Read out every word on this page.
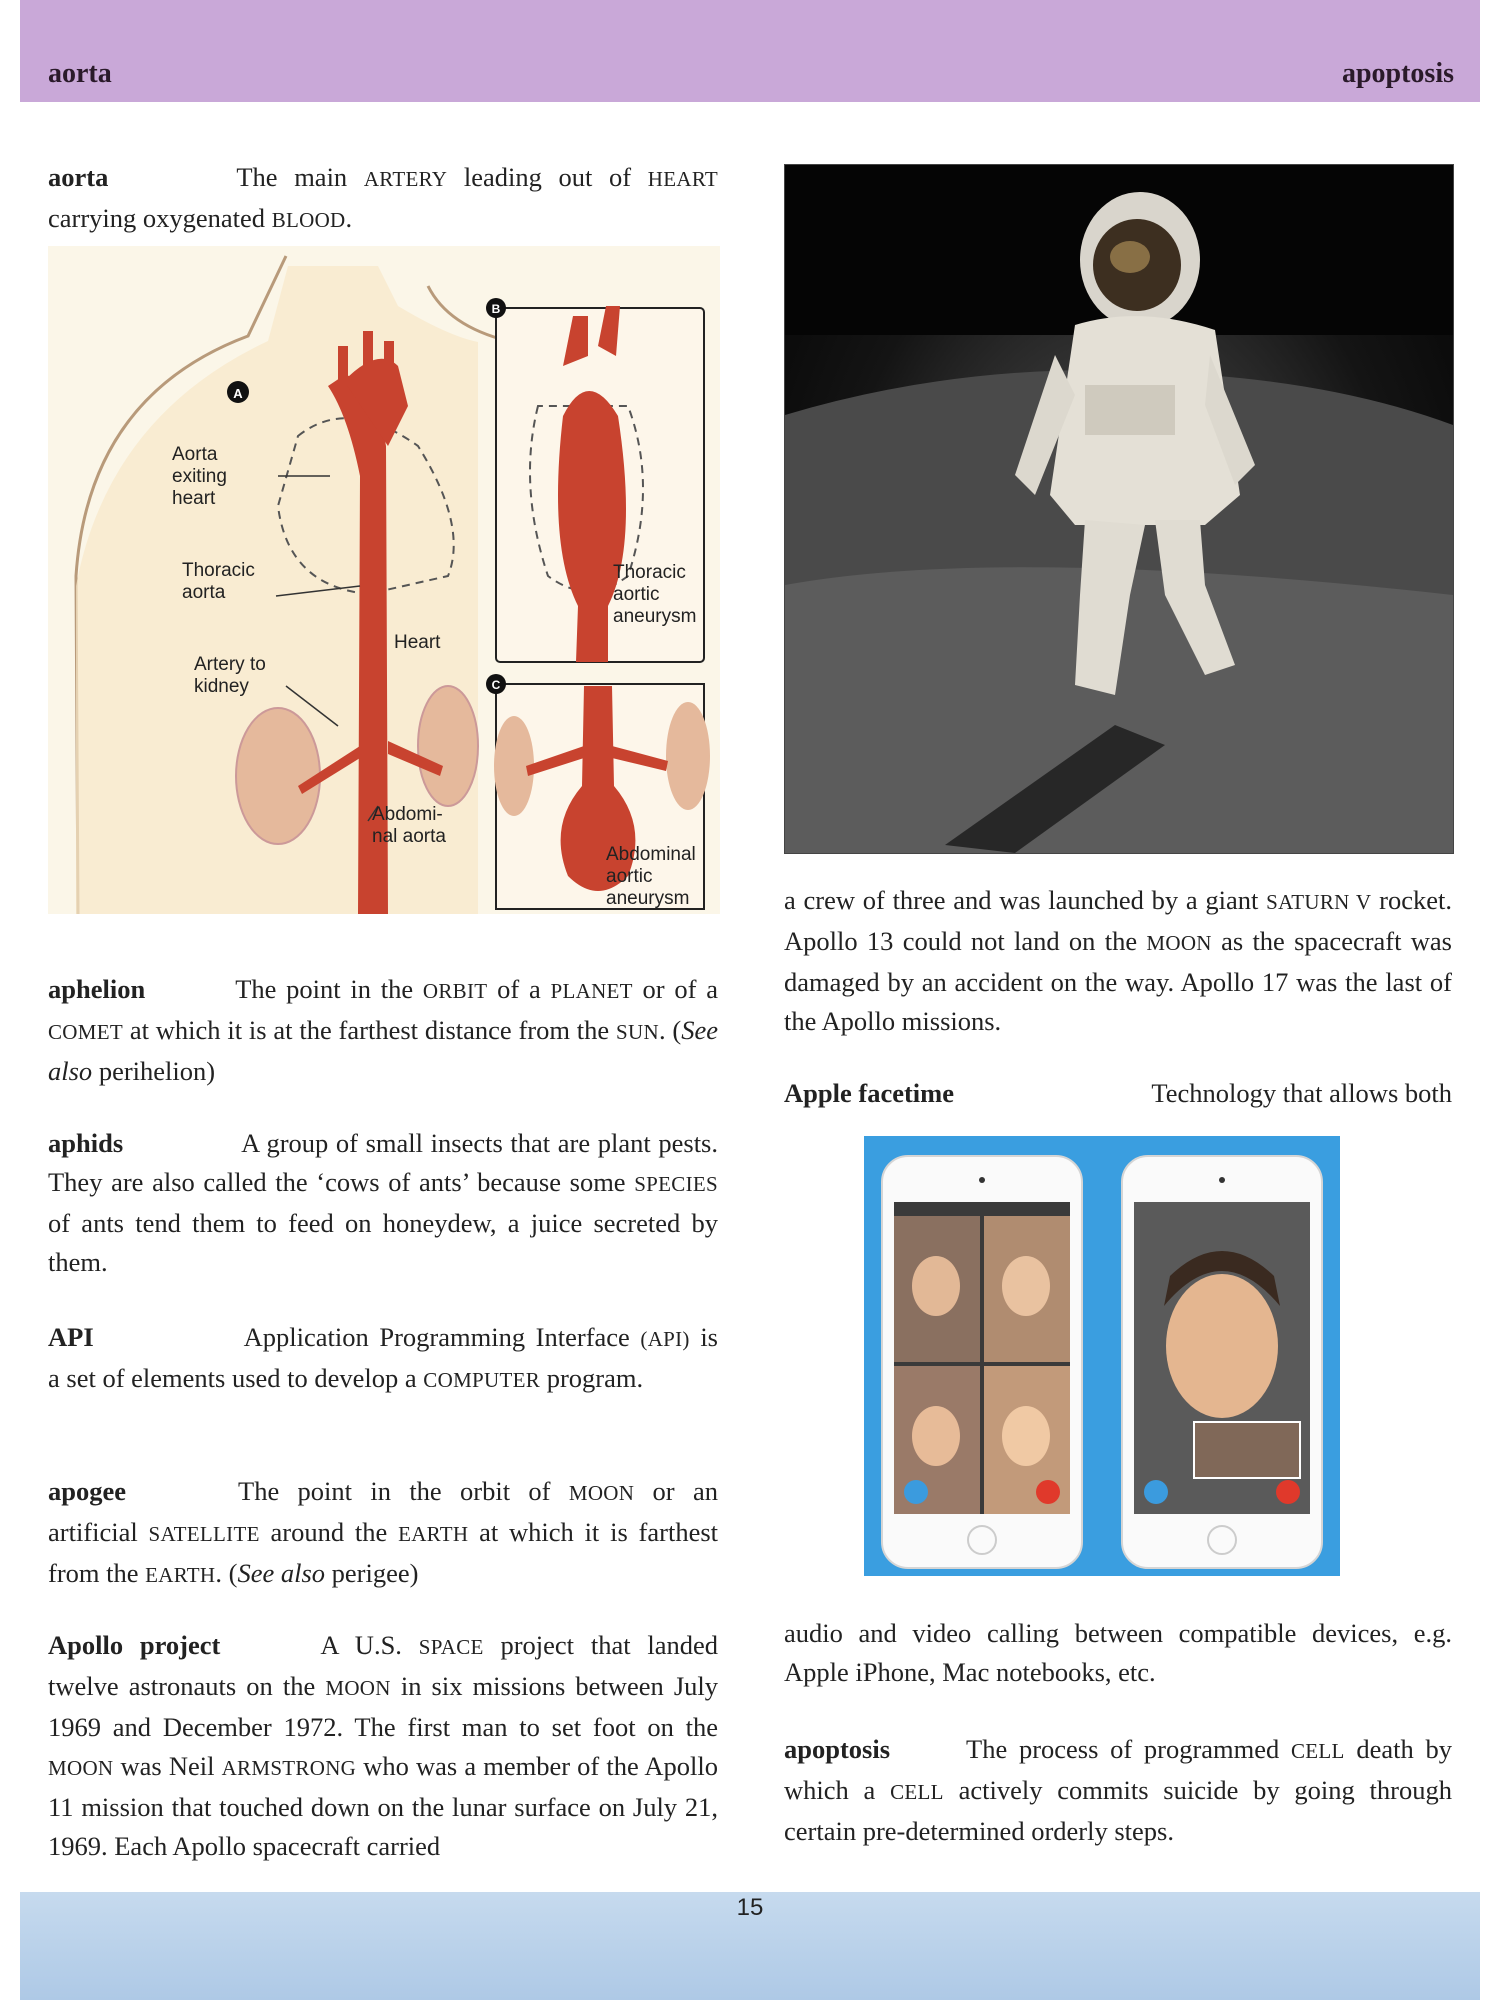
aorta	apoptosis
15

aorta	The main ARTERY leading out of HEART carrying oxygenated BLOOD.

A
Aorta
exiting
heart
Thoracic
aorta
Heart
Artery to
kidney
Abdomi-
nal aorta
Thoracic
aortic
aneurysm
B
Abdominal
aortic
aneurysm
C

aphelion	The point in the ORBIT of a PLANET or of a COMET at which it is at the farthest distance from the SUN. (See also perihelion)

aphids	A group of small insects that are plant pests. They are also called the ‘cows of ants’ because some SPECIES of ants tend them to feed on honeydew, a juice secreted by them.

API	Application Programming Interface (API) is a set of elements used to develop a COMPUTER program.

apogee	The point in the orbit of MOON or an artificial SATELLITE around the EARTH at which it is farthest from the EARTH. (See also perigee)

Apollo project	A U.S. SPACE project that landed twelve astronauts on the MOON in six missions between July 1969 and December 1972. The first man to set foot on the MOON was Neil ARMSTRONG who was a member of the Apollo 11 mission that touched down on the lunar surface on July 21, 1969. Each Apollo spacecraft carried

a crew of three and was launched by a giant SATURN V rocket. Apollo 13 could not land on the MOON as the spacecraft was damaged by an accident on the way. Apollo 17 was the last of the Apollo missions.

Apple facetime	Technology that allows both

audio and video calling between compatible devices, e.g. Apple iPhone, Mac notebooks, etc.

apoptosis	The process of programmed CELL death by which a CELL actively commits suicide by going through certain pre-determined orderly steps.
